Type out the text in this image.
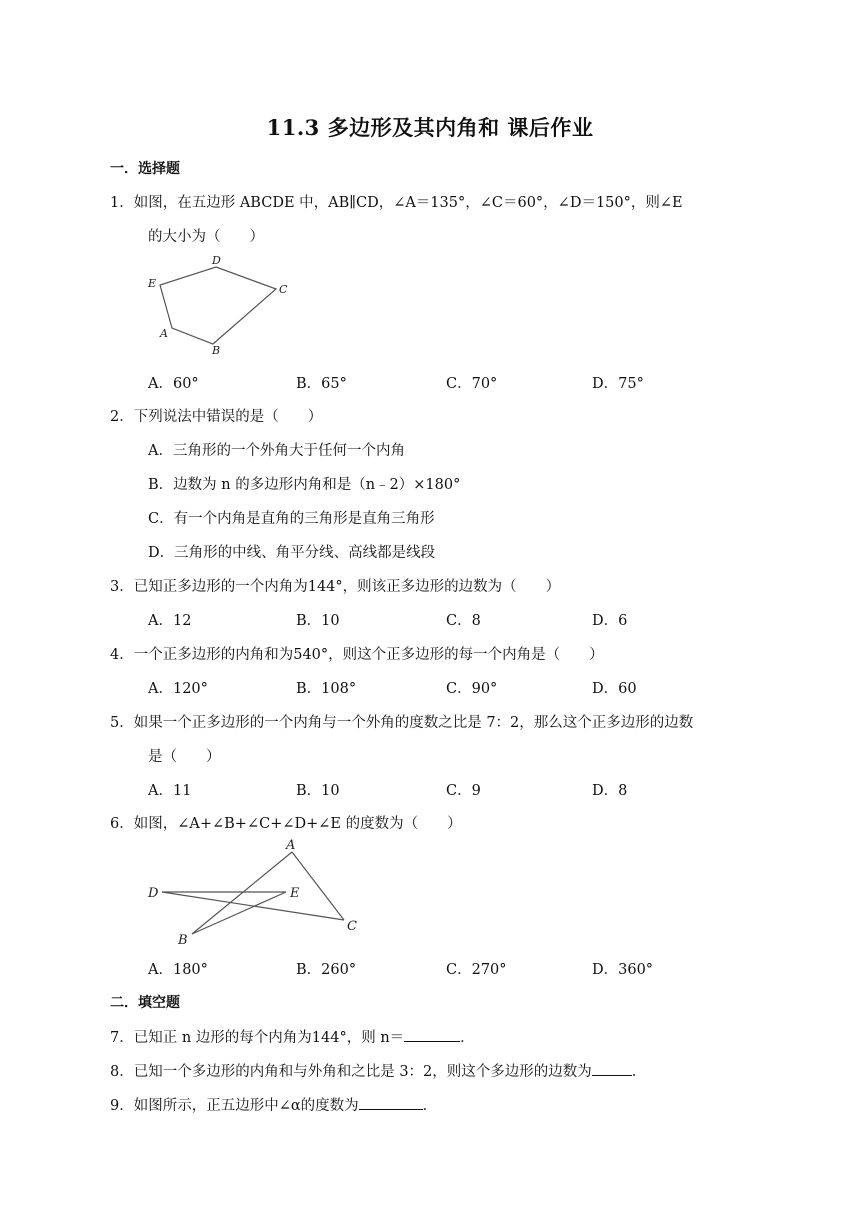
11.3 多边形及其内角和 课后作业
一．选择题
1．如图，在五边形 ABCDE 中，AB∥CD，∠A＝135°，∠C＝60°，∠D＝150°，则∠E
的大小为（　　）
D
E	C
A
B
A．60°	B．65°	C．70°	D．75°
2．下列说法中错误的是（　　）
A．三角形的一个外角大于任何一个内角
B．边数为 n 的多边形内角和是（n﹣2）×180°
C．有一个内角是直角的三角形是直角三角形
D．三角形的中线、角平分线、高线都是线段
3．已知正多边形的一个内角为144°，则该正多边形的边数为（　　）
A．12	B．10	C．8	D．6
4．一个正多边形的内角和为540°，则这个正多边形的每一个内角是（　　）
A．120°	B．108°	C．90°	D．60
5．如果一个正多边形的一个内角与一个外角的度数之比是 7：2，那么这个正多边形的边数
是（　　）
A．11	B．10	C．9	D．8
6．如图，∠A+∠B+∠C+∠D+∠E 的度数为（　　）
A
D	E
C
B
A．180°	B．260°	C．270°	D．360°
二．填空题
7．已知正 n 边形的每个内角为144°，则 n＝	．
8．已知一个多边形的内角和与外角和之比是 3：2，则这个多边形的边数为	．
9．如图所示，正五边形中∠α的度数为	．
